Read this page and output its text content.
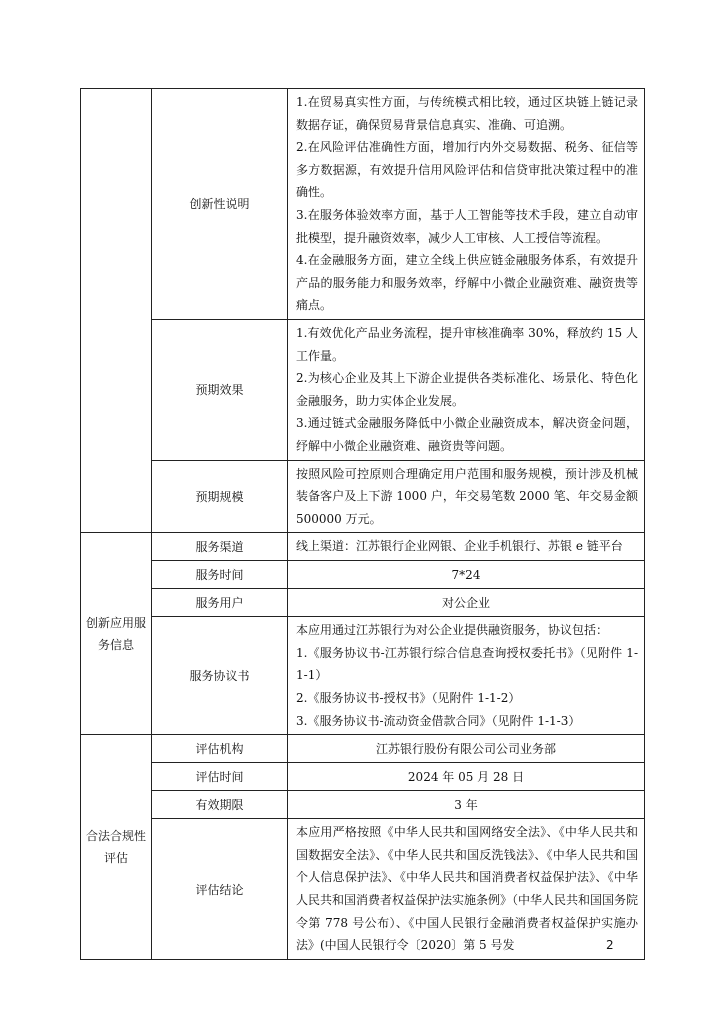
	创新性说明	1.在贸易真实性方面，与传统模式相比较，通过区块链上链记录数据存证，确保贸易背景信息真实、准确、可追溯。

2.在风险评估准确性方面，增加行内外交易数据、税务、征信等多方数据源，有效提升信用风险评估和信贷审批决策过程中的准确性。

3.在服务体验效率方面，基于人工智能等技术手段，建立自动审批模型，提升融资效率，减少人工审核、人工授信等流程。

4.在金融服务方面，建立全线上供应链金融服务体系，有效提升产品的服务能力和服务效率，纾解中小微企业融资难、融资贵等痛点。

	预期效果	1.有效优化产品业务流程，提升审核准确率 30%，释放约 15 人工作量。

2.为核心企业及其上下游企业提供各类标准化、场景化、特色化金融服务，助力实体企业发展。

3.通过链式金融服务降低中小微企业融资成本，解决资金问题，纾解中小微企业融资难、融资贵等问题。

	预期规模	按照风险可控原则合理确定用户范围和服务规模，预计涉及机械装备客户及上下游 1000 户，年交易笔数 2000 笔、年交易金额 500000 万元。

创新应用服务信息	服务渠道	线上渠道：江苏银行企业网银、企业手机银行、苏银 e 链平台
	服务时间	7*24
	服务用户	对公企业
	服务协议书	本应用通过江苏银行为对公企业提供融资服务，协议包括：

1.《服务协议书-江苏银行综合信息查询授权委托书》（见附件 1-1-1）

2.《服务协议书-授权书》（见附件 1-1-2）

3.《服务协议书-流动资金借款合同》（见附件 1-1-3）

合法合规性评估	评估机构	江苏银行股份有限公司公司业务部
	评估时间	2024 年 05 月 28 日
	有效期限	3 年
	评估结论	本应用严格按照《中华人民共和国网络安全法》、《中华人民共和国数据安全法》、《中华人民共和国反洗钱法》、《中华人民共和国个人信息保护法》、《中华人民共和国消费者权益保护法》、《中华人民共和国消费者权益保护法实施条例》（中华人民共和国国务院令第 778 号公布）、《中国人民银行金融消费者权益保护实施办法》(中国人民银行令〔2020〕第 5 号发	2
